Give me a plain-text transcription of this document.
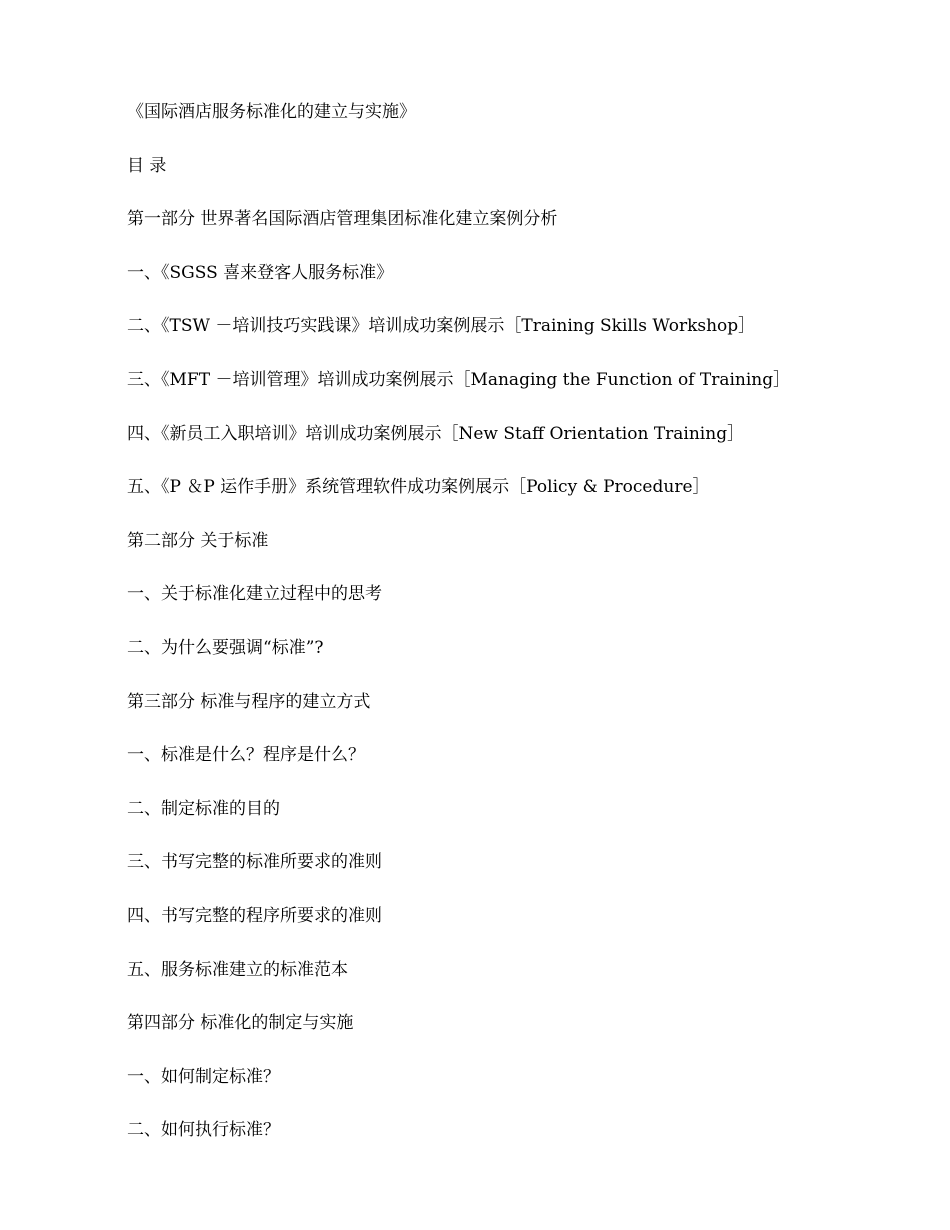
《国际酒店服务标准化的建立与实施》
目 录
第一部分 世界著名国际酒店管理集团标准化建立案例分析
一、《SGSS 喜来登客人服务标准》
二、《TSW －培训技巧实践课》培训成功案例展示［Training Skills Workshop］
三、《MFT －培训管理》培训成功案例展示［Managing the Function of Training］
四、《新员工入职培训》培训成功案例展示［New Staff Orientation Training］
五、《P ＆P 运作手册》系统管理软件成功案例展示［Policy & Procedure］
第二部分 关于标准
一、关于标准化建立过程中的思考
二、为什么要强调“标准”?
第三部分 标准与程序的建立方式
一、标准是什么？程序是什么？
二、制定标准的目的
三、书写完整的标准所要求的准则
四、书写完整的程序所要求的准则
五、服务标准建立的标准范本
第四部分 标准化的制定与实施
一、如何制定标准？
二、如何执行标准？
